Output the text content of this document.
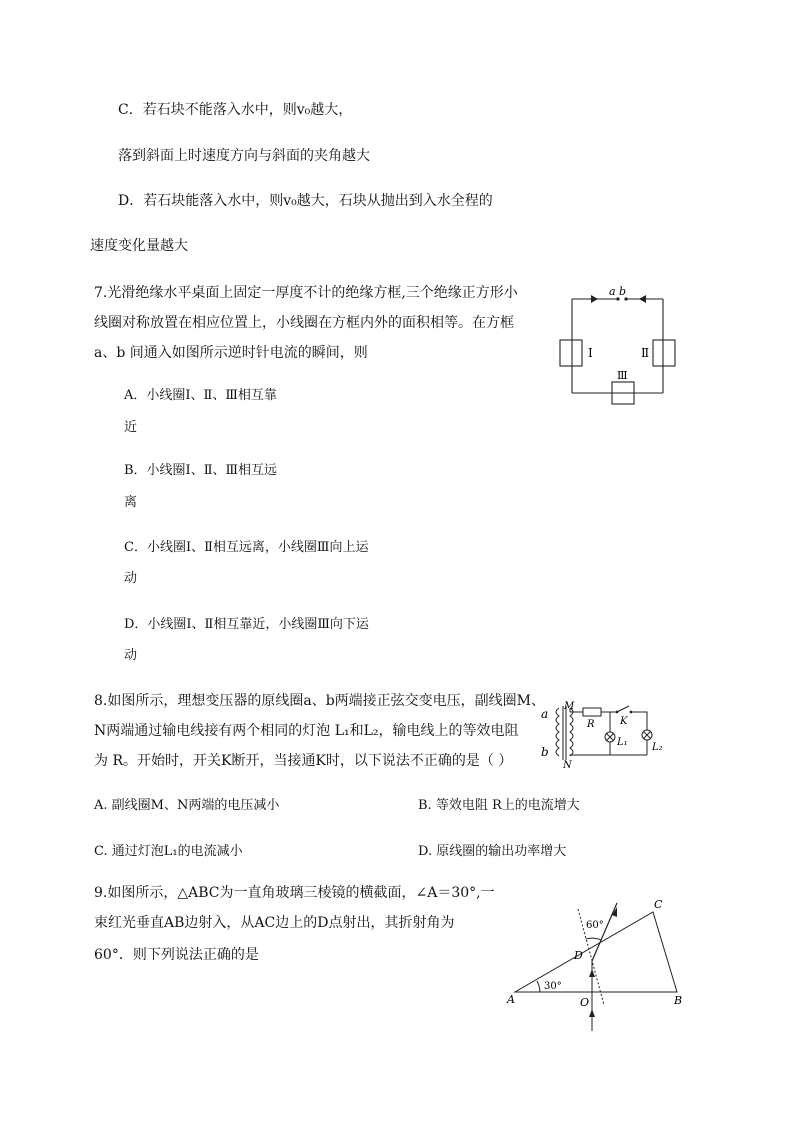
C．若石块不能落入水中，则v₀越大，
落到斜面上时速度方向与斜面的夹角越大
D．若石块能落入水中，则v₀越大，石块从抛出到入水全程的
速度变化量越大
7.光滑绝缘水平桌面上固定一厚度不计的绝缘方框,三个绝缘正方形小
线圈对称放置在相应位置上，小线圈在方框内外的面积相等。在方框
a、b 间通入如图所示逆时针电流的瞬间，则
A．小线圈Ⅰ、Ⅱ、Ⅲ相互靠
近
B．小线圈Ⅰ、Ⅱ、Ⅲ相互远
离
C．小线圈Ⅰ、Ⅱ相互远离，小线圈Ⅲ向上运
动
D．小线圈Ⅰ、Ⅱ相互靠近，小线圈Ⅲ向下运
动
a b
Ⅰ	Ⅱ
Ⅲ
8.如图所示，理想变压器的原线圈a、b两端接正弦交变电压，副线圈M、
N两端通过输电线接有两个相同的灯泡 L₁和L₂，输电线上的等效电阻
为 R。开始时，开关K断开，当接通K时，以下说法不正确的是（ ）
A. 副线圈M、N两端的电压减小	B. 等效电阻 R上的电流增大
C. 通过灯泡L₁的电流减小	D. 原线圈的输出功率增大
a
b
M
N
R	K
L₁ L₂
9.如图所示，△ABC为一直角玻璃三棱镜的横截面，∠A＝30°,一
束红光垂直AB边射入，从AC边上的D点射出，其折射角为
60°．则下列说法正确的是
A	B
C
D
O
30°
60°
